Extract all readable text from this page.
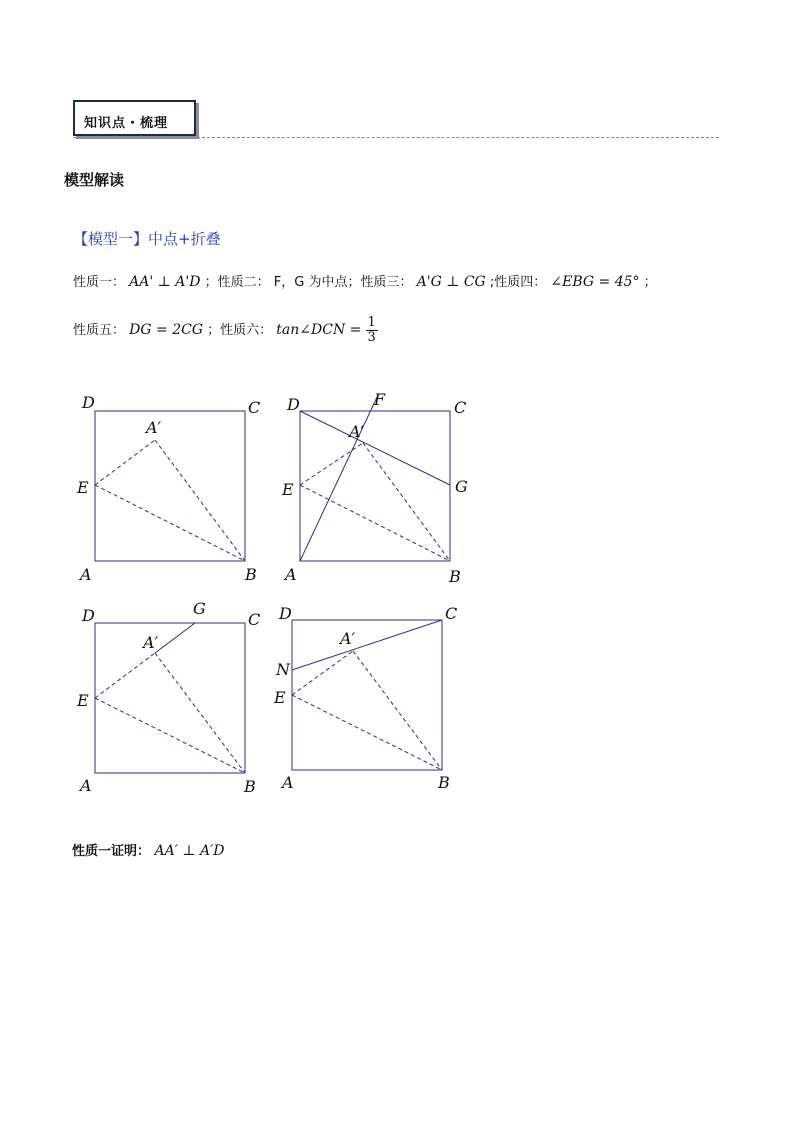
知识点・梳理
模型解读
【模型一】中点+折叠
性质一： AA' ⊥ A'D ；性质二： F，G 为中点；性质三： A'G ⊥ CG ;性质四： ∠EBG = 45° ；
性质五： DG = 2CG ；性质六： tan∠DCN = $\frac{1}{3}$
D	C
A′
E
A	B
D	F	C
A′
E	G
A	B
D	G
C
A′
E
A	B
D	C
A′
N
E
A	B
性质一证明： AA′ ⊥ A′D
